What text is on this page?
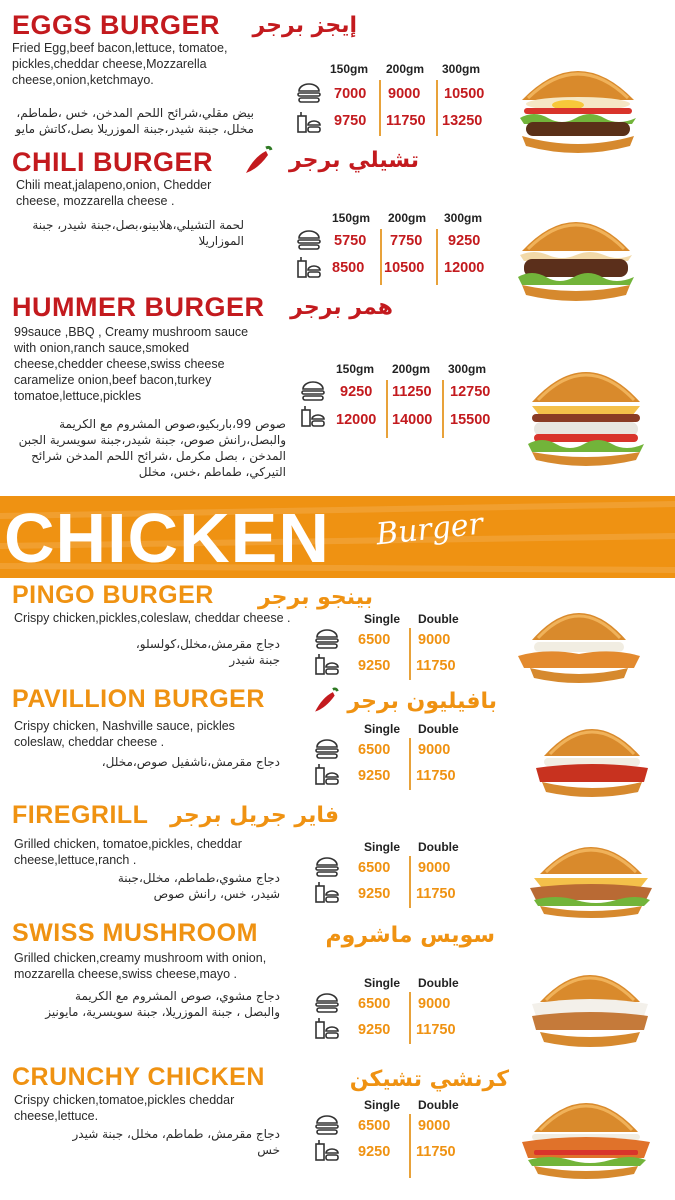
EGGS BURGER إيجز برجر
Fried Egg,beef bacon,lettuce, tomatoe, pickles,cheddar cheese,Mozzarella cheese,onion,ketchmayo.
بيض مقلي،شرائح اللحم المدخن، خس ،طماطم، مخلل، جبنة شيدر،جبنة الموزريلا بصل،كاتش مايو
150gm 200gm 300gm
7000 9000 10500
9750 11750 13250
CHILI BURGER	تشيلي برجر
Chili meat,jalapeno,onion, Chedder cheese, mozzarella cheese .
لحمة التشيلي،هلابينو،بصل،جبنة شيدر، جبنة الموزاريلا
150gm 200gm 300gm
5750 7750 9250
8500 10500 12000
HUMMER BURGER همر برجر
99sauce ,BBQ , Creamy mushroom sauce with onion,ranch sauce,smoked cheese,chedder cheese,swiss cheese caramelize onion,beef bacon,turkey tomatoe,lettuce,pickles
صوص 99،باربكيو،صوص المشروم مع الكريمة والبصل،رانش صوص، جبنة شيدر،جبنة سويسرية الجبن المدخن ، بصل مكرمل ،شرائح اللحم المدخن شرائح التيركي، طماطم ،خس، مخلل
150gm 200gm 300gm
9250 11250 12750
12000 14000 15500
CHICKEN Burger
PINGO BURGER بينجو برجر
Crispy chicken,pickles,coleslaw, cheddar cheese .
دجاج مقرمش،مخلل،كولسلو، جبنة شيدر
Single Double
6500 9000
9250 11750
PAVILLION BURGER	بافيليون برجر
Crispy chicken, Nashville sauce, pickles coleslaw, cheddar cheese .
دجاج مقرمش،ناشفيل صوص،مخلل،
Single Double
6500 9000
9250 11750
FIREGRILL فاير جريل برجر
Grilled chicken, tomatoe,pickles, cheddar cheese,lettuce,ranch .
دجاج مشوي،طماطم، مخلل،جبنة شيدر، خس، رانش صوص
Single Double
6500 9000
9250 11750
SWISS MUSHROOM	سويس ماشروم
Grilled chicken,creamy mushroom with onion, mozzarella cheese,swiss cheese,mayo .
دجاج مشوي، صوص المشروم مع الكريمة والبصل ، جبنة الموزريلا، جبنة سويسرية، مايونيز
Single Double
6500 9000
9250 11750
CRUNCHY CHICKEN	كرنشي تشيكن
Crispy chicken,tomatoe,pickles cheddar cheese,lettuce.
دجاج مقرمش، طماطم، مخلل، جبنة شيدر خس
Single Double
6500 9000
9250 11750
